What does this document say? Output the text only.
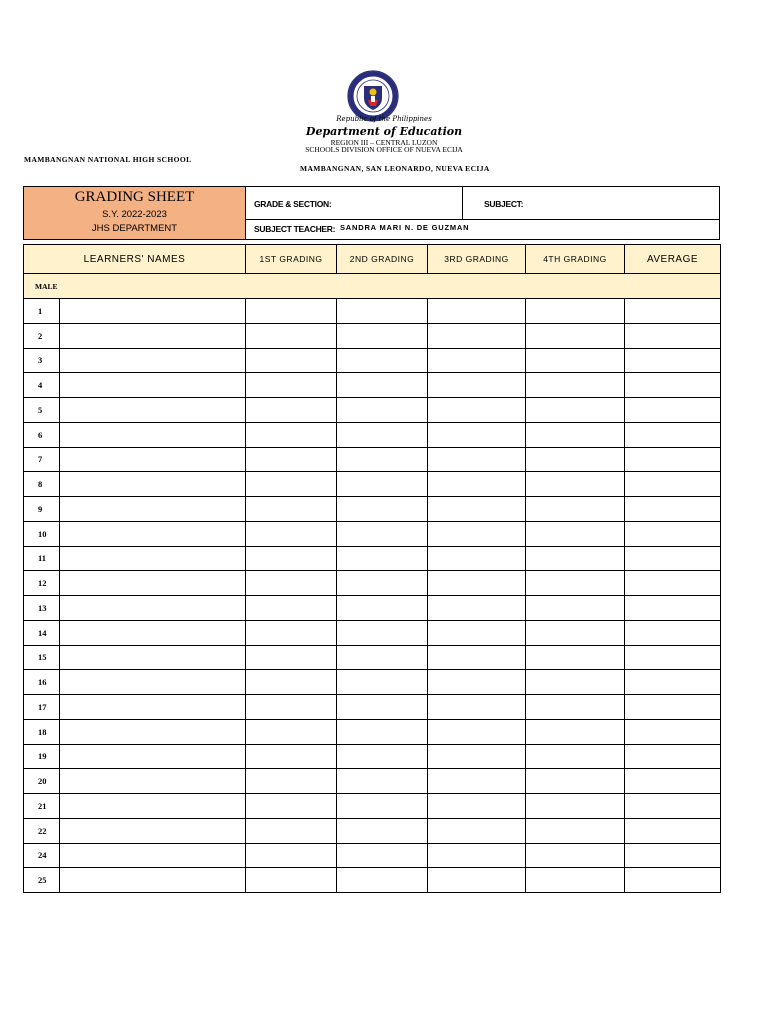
Republic of the Philippines
Department of Education
REGION III – CENTRAL LUZON
SCHOOLS DIVISION OFFICE OF NUEVA ECIJA
MAMBANGNAN NATIONAL HIGH SCHOOL
MAMBANGNAN, SAN LEONARDO, NUEVA ECIJA
GRADING SHEET
S.Y. 2022-2023
JHS DEPARTMENT
GRADE & SECTION:	SUBJECT:
SUBJECT TEACHER: SANDRA MARI N. DE GUZMAN
LEARNERS' NAMES		1ST GRADING	2ND GRADING	3RD GRADING	4TH GRADING	AVERAGE
MALE						
1						
2						
3						
4						
5						
6						
7						
8						
9						
10						
11						
12						
13						
14						
15						
16						
17						
18						
19						
20						
21						
22						
24						
25						
